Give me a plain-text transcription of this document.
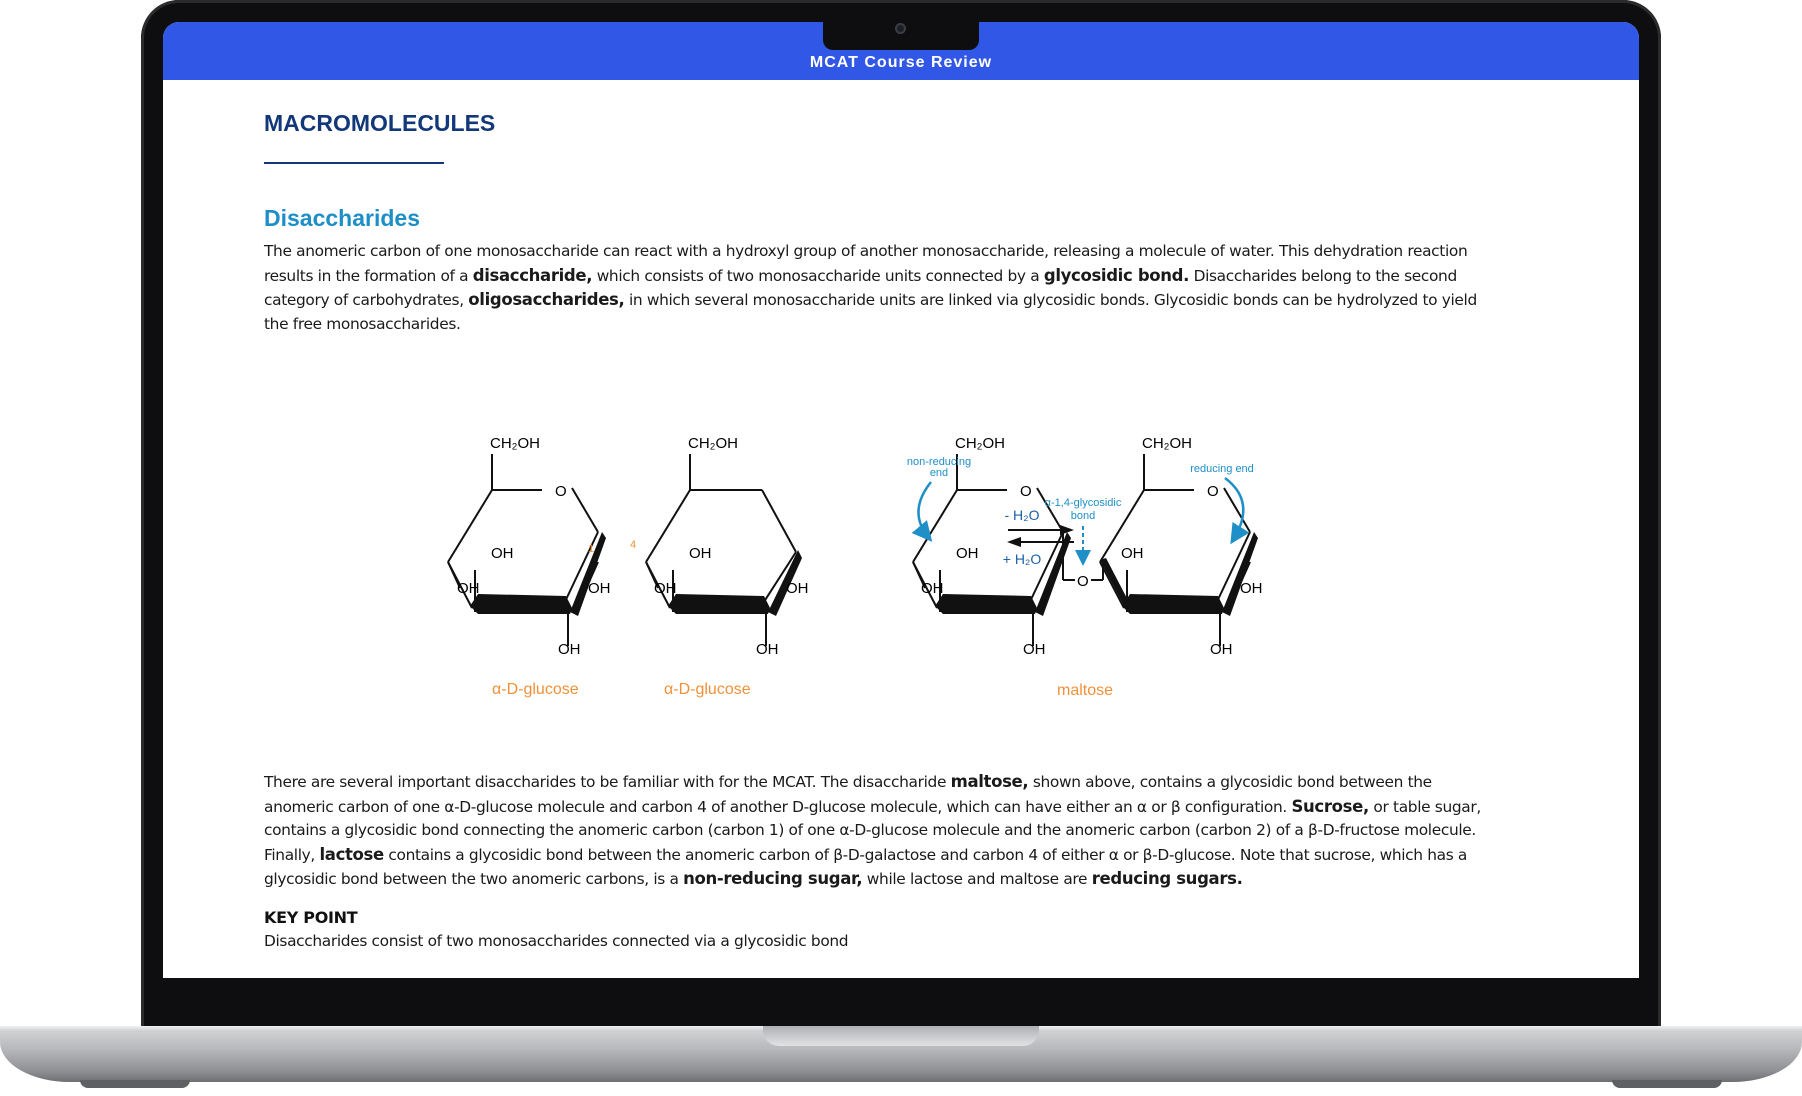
MCAT Course Review
MACROMOLECULES
Disaccharides

The anomeric carbon of one monosaccharide can react with a hydroxyl group of another monosaccharide, releasing a molecule of water. This dehydration reaction results in the formation of a disaccharide, which consists of two monosaccharide units connected by a glycosidic bond. Disaccharides belong to the second category of carbohydrates, oligosaccharides, in which several monosaccharide units are linked via glycosidic bonds. Glycosidic bonds can be hydrolyzed to yield the free monosaccharides.

There are several important disaccharides to be familiar with for the MCAT. The disaccharide maltose, shown above, contains a glycosidic bond between the anomeric carbon of one α-D-glucose molecule and carbon 4 of another D-glucose molecule, which can have either an α or β configuration. Sucrose, or table sugar, contains a glycosidic bond connecting the anomeric carbon (carbon 1) of one α-D-glucose molecule and the anomeric carbon (carbon 2) of a β-D-fructose molecule. Finally, lactose contains a glycosidic bond between the anomeric carbon of β-D-galactose and carbon 4 of either α or β-D-glucose. Note that sucrose, which has a glycosidic bond between the two anomeric carbons, is a non-reducing sugar, while lactose and maltose are reducing sugars.

KEY POINT
Disaccharides consist of two monosaccharides connected via a glycosidic bond
CH₂OH
O
OH
OH	OH
OH
1
α-D-glucose
CH₂OH
OH
OH	OH
OH
4
α-D-glucose
- H₂O
+ H₂O
CH₂OH
O
OH
OH
OH
O
CH₂OH
O
OH
OH
OH
non-reducing
end	reducing end
α-1,4-glycosidic
bond
maltose
